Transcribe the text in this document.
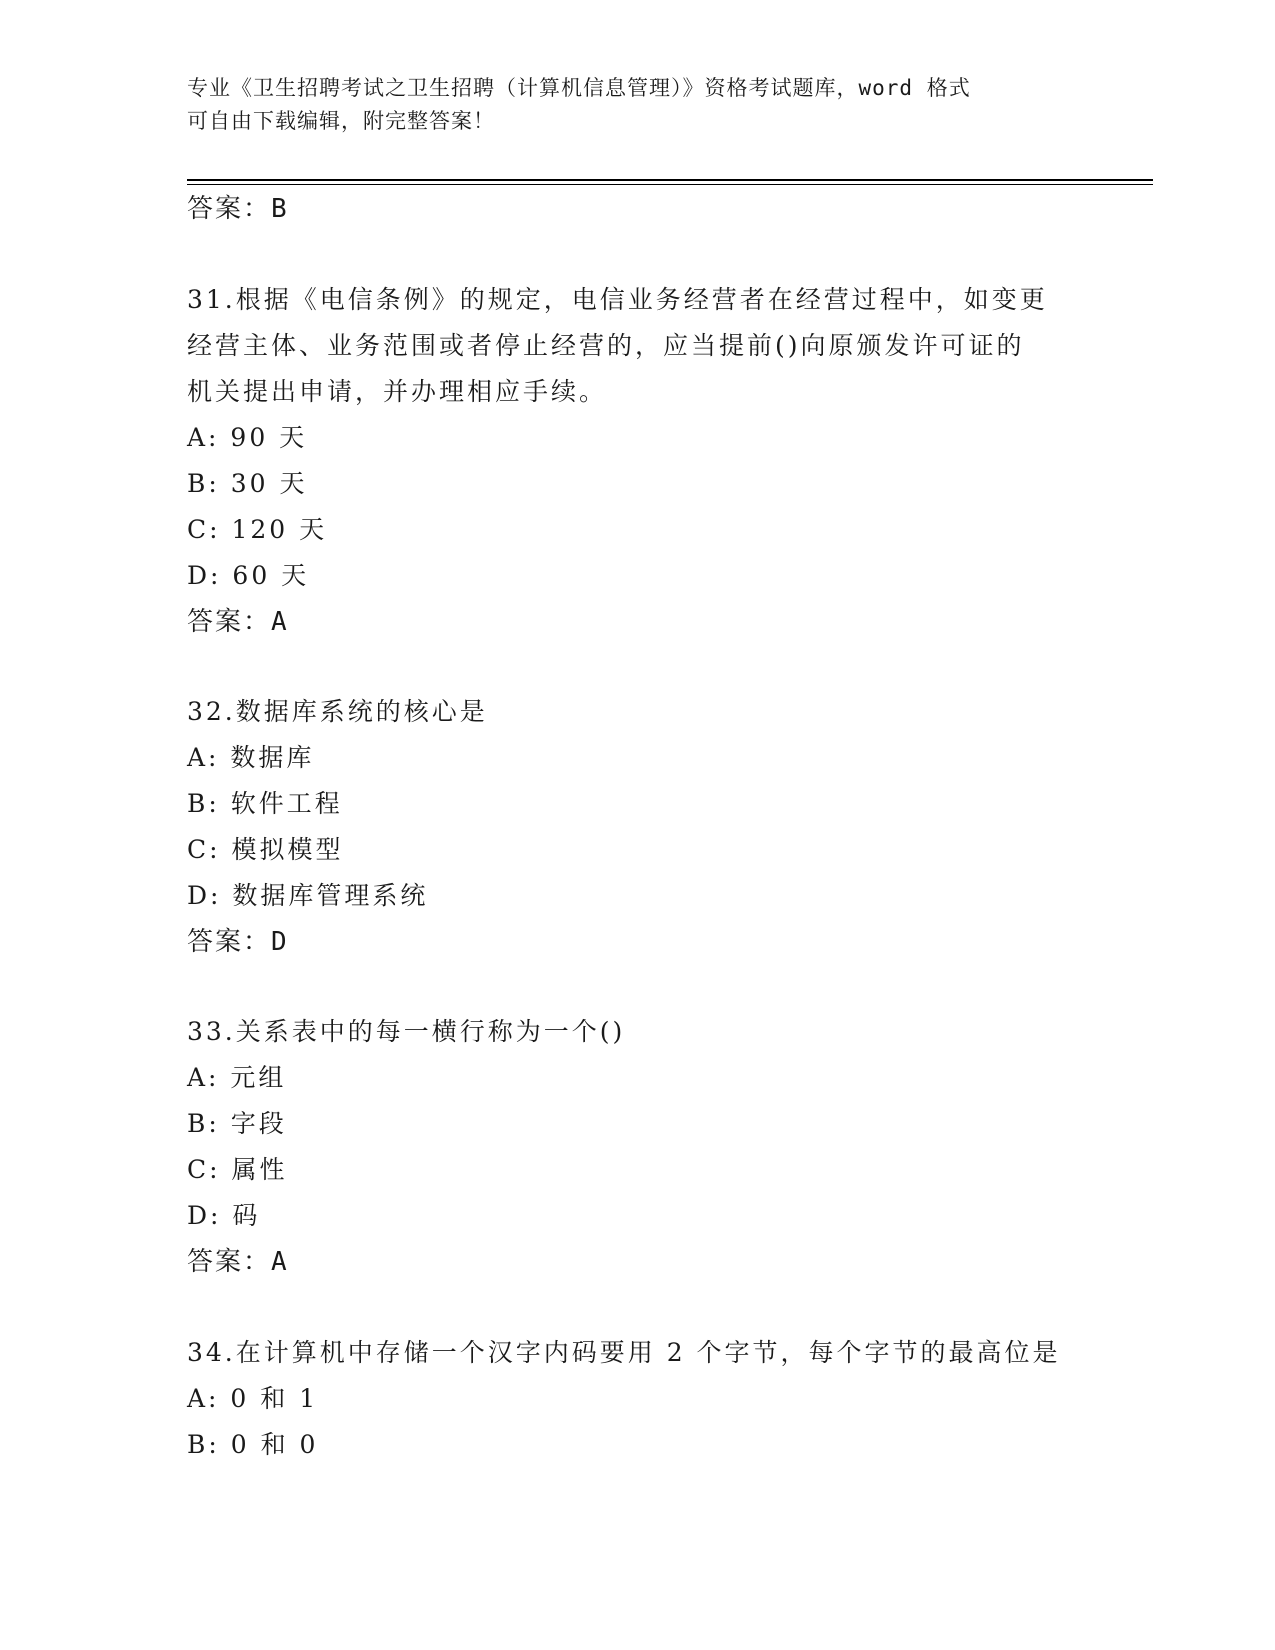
专业《卫生招聘考试之卫生招聘（计算机信息管理）》资格考试题库，word 格式
可自由下载编辑，附完整答案！
答案：B
31.根据《电信条例》的规定，电信业务经营者在经营过程中，如变更
经营主体、业务范围或者停止经营的，应当提前()向原颁发许可证的
机关提出申请，并办理相应手续。
A: 90 天
B: 30 天
C: 120 天
D: 60 天
答案：A
32.数据库系统的核心是
A: 数据库
B: 软件工程
C: 模拟模型
D: 数据库管理系统
答案：D
33.关系表中的每一横行称为一个()
A: 元组
B: 字段
C: 属性
D: 码
答案：A
34.在计算机中存储一个汉字内码要用 2 个字节，每个字节的最高位是
A: 0 和 1
B: 0 和 0
